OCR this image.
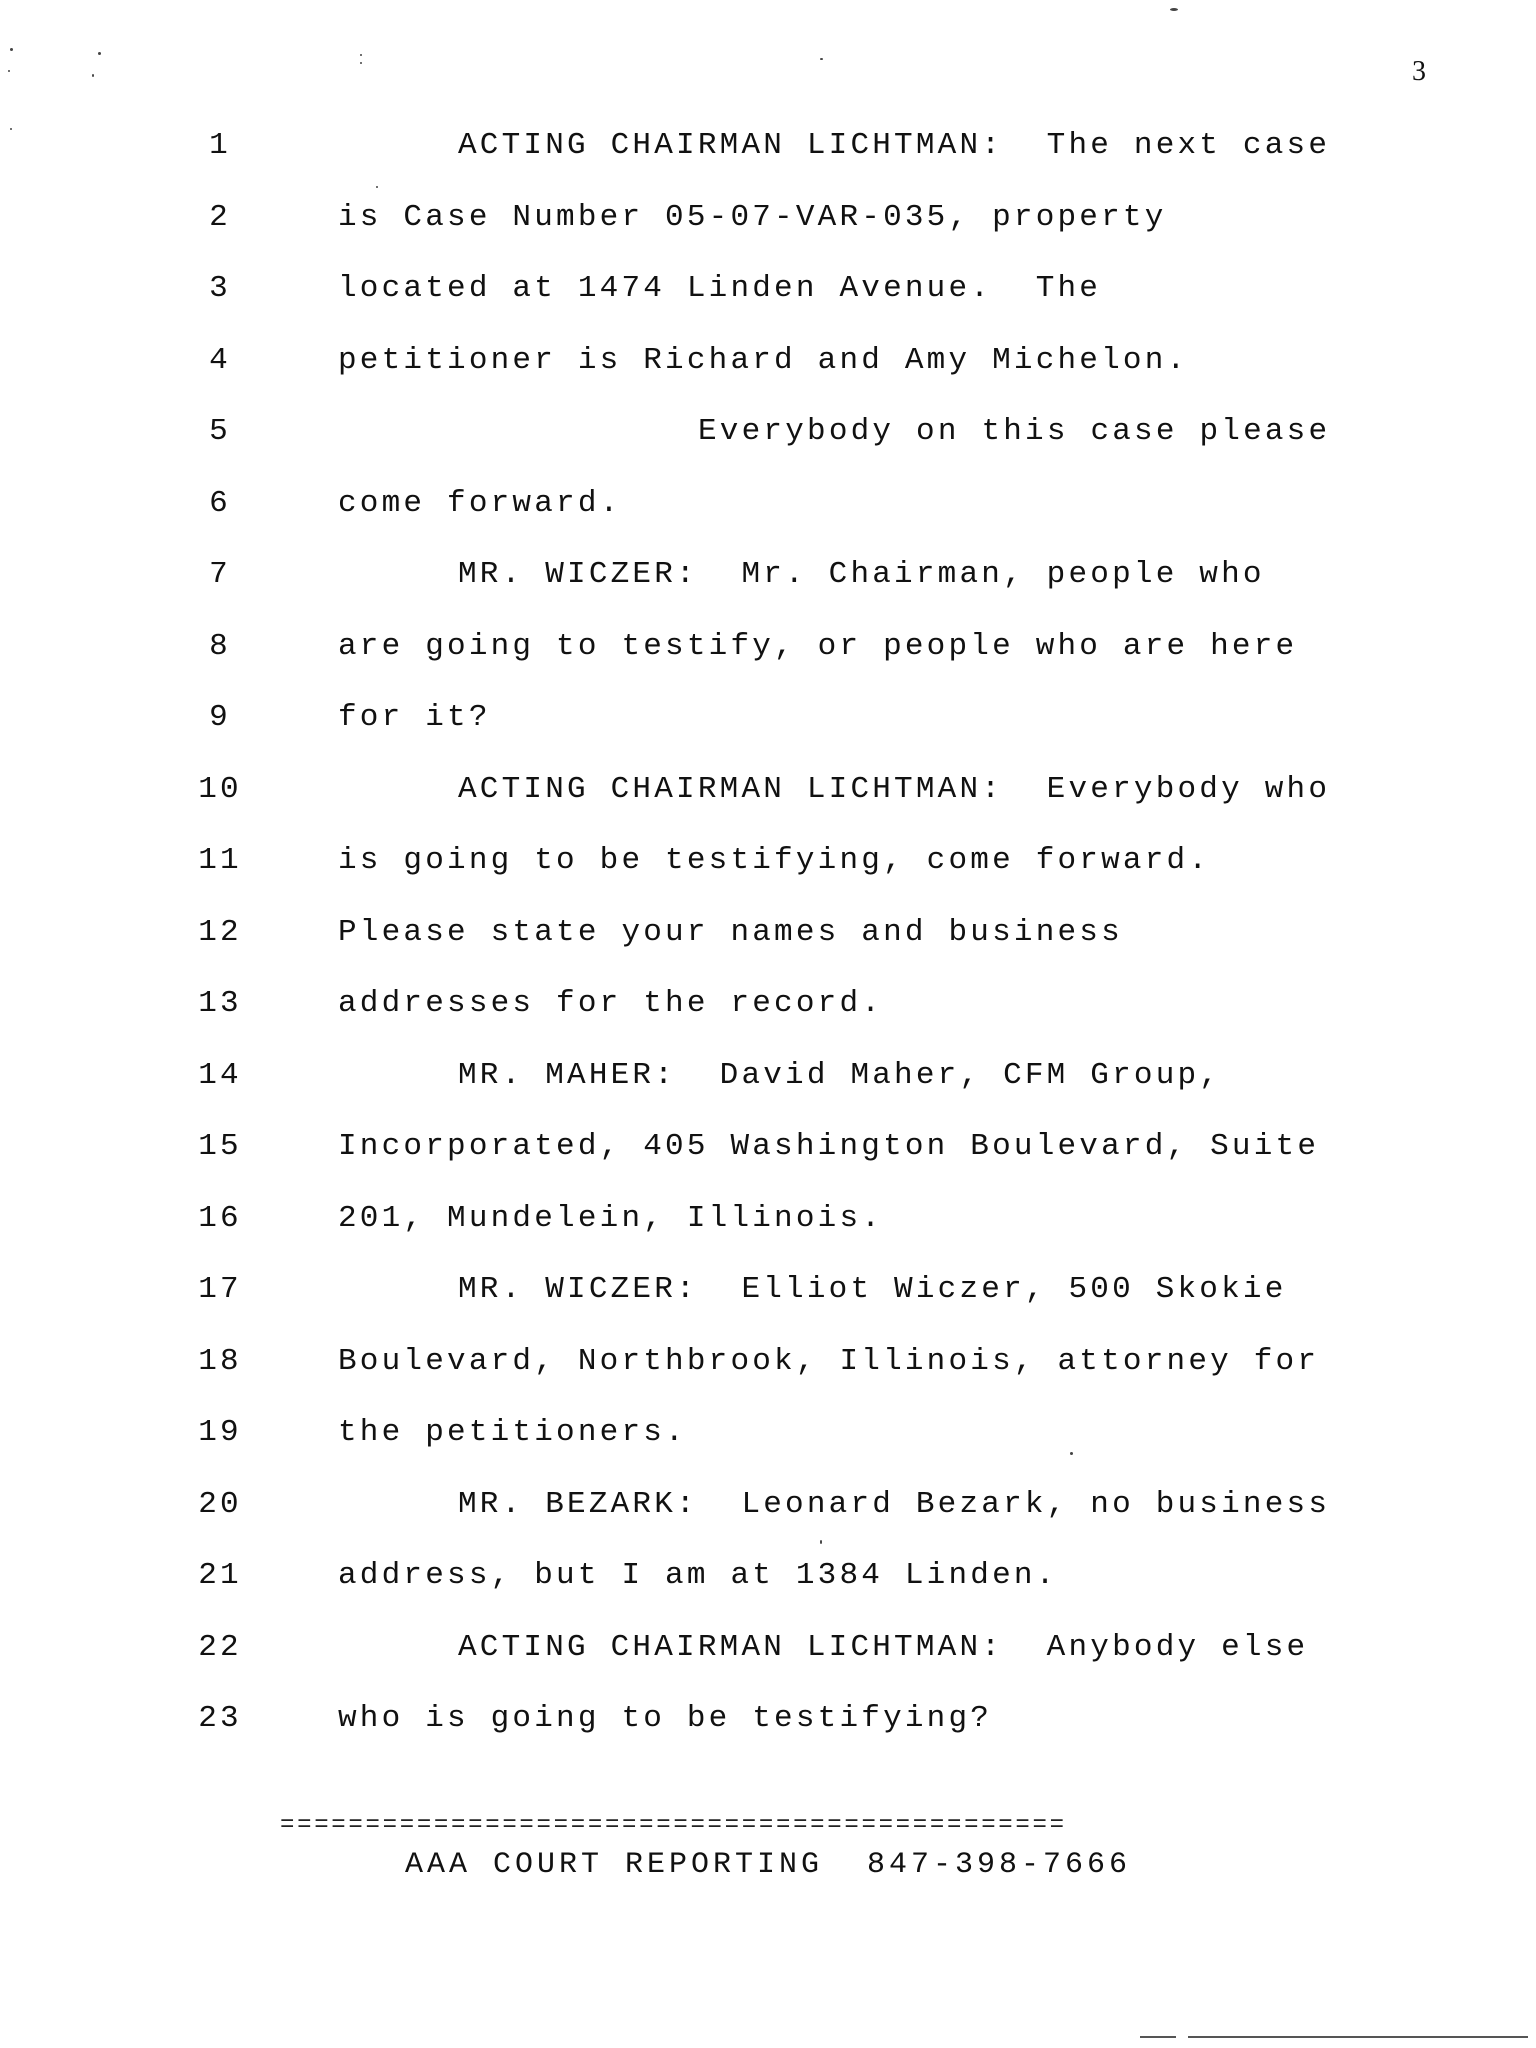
3
1	ACTING CHAIRMAN LICHTMAN:  The next case
2	is Case Number 05-07-VAR-035, property
3	located at 1474 Linden Avenue.  The
4	petitioner is Richard and Amy Michelon.
5	Everybody on this case please
6	come forward.
7	MR. WICZER:  Mr. Chairman, people who
8	are going to testify, or people who are here
9	for it?
10	ACTING CHAIRMAN LICHTMAN:  Everybody who
11	is going to be testifying, come forward.
12	Please state your names and business
13	addresses for the record.
14	MR. MAHER:  David Maher, CFM Group,
15	Incorporated, 405 Washington Boulevard, Suite
16	201, Mundelein, Illinois.
17	MR. WICZER:  Elliot Wiczer, 500 Skokie
18	Boulevard, Northbrook, Illinois, attorney for
19	the petitioners.
20	MR. BEZARK:  Leonard Bezark, no business
21	address, but I am at 1384 Linden.
22	ACTING CHAIRMAN LICHTMAN:  Anybody else
23	who is going to be testifying?
==============================================
AAA COURT REPORTING  847-398-7666
